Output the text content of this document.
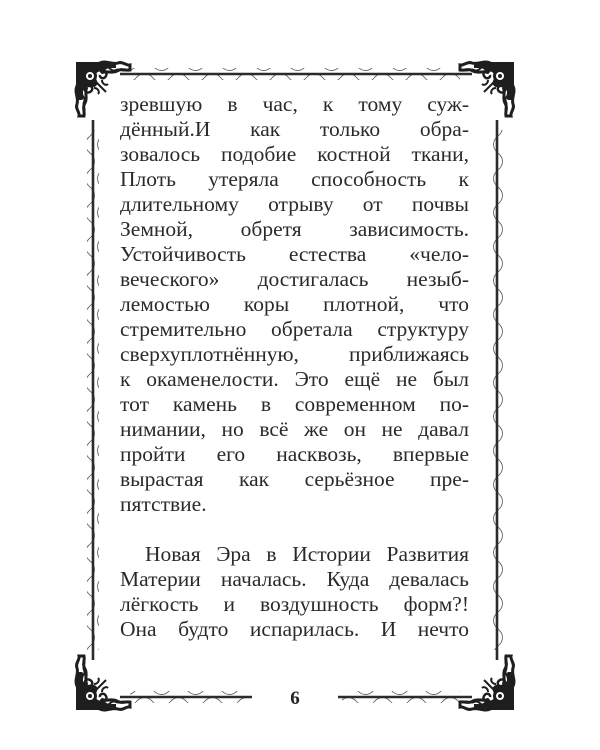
зревшую в час, к тому суж-
дённый.И как только обра-
зовалось подобие костной ткани,
Плоть утеряла способность к
длительному отрыву от почвы
Земной, обретя зависимость.
Устойчивость естества «чело-
веческого» достигалась незыб-
лемостью коры плотной, что
стремительно обретала структуру
сверхуплотнённую, приближаясь
к окаменелости. Это ещё не был
тот камень в современном по-
нимании, но всё же он не давал
пройти его насквозь, впервые
вырастая как серьёзное пре-
пятствие.
Новая Эра в Истории Развития
Материи началась. Куда девалась
лёгкость и воздушность форм?!
Она будто испарилась. И нечто
6
